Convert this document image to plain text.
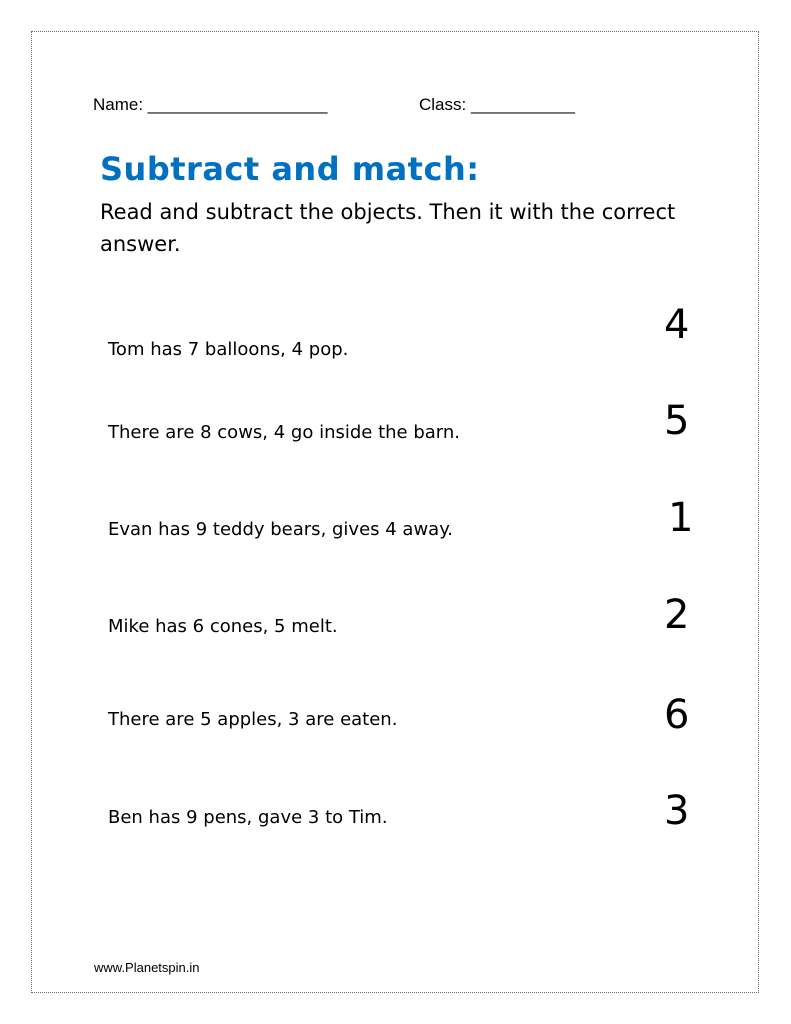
Name: ___________________	Class: ___________
Subtract and match:
Read and subtract the objects. Then it with the correct answer.
Tom has 7 balloons, 4 pop.
There are 8 cows, 4 go inside the barn.
Evan has 9 teddy bears, gives 4 away.
Mike has 6 cones, 5 melt.
There are 5 apples, 3 are eaten.
Ben has 9 pens, gave 3 to Tim.
4
5
1
2
6
3
www.Planetspin.in
